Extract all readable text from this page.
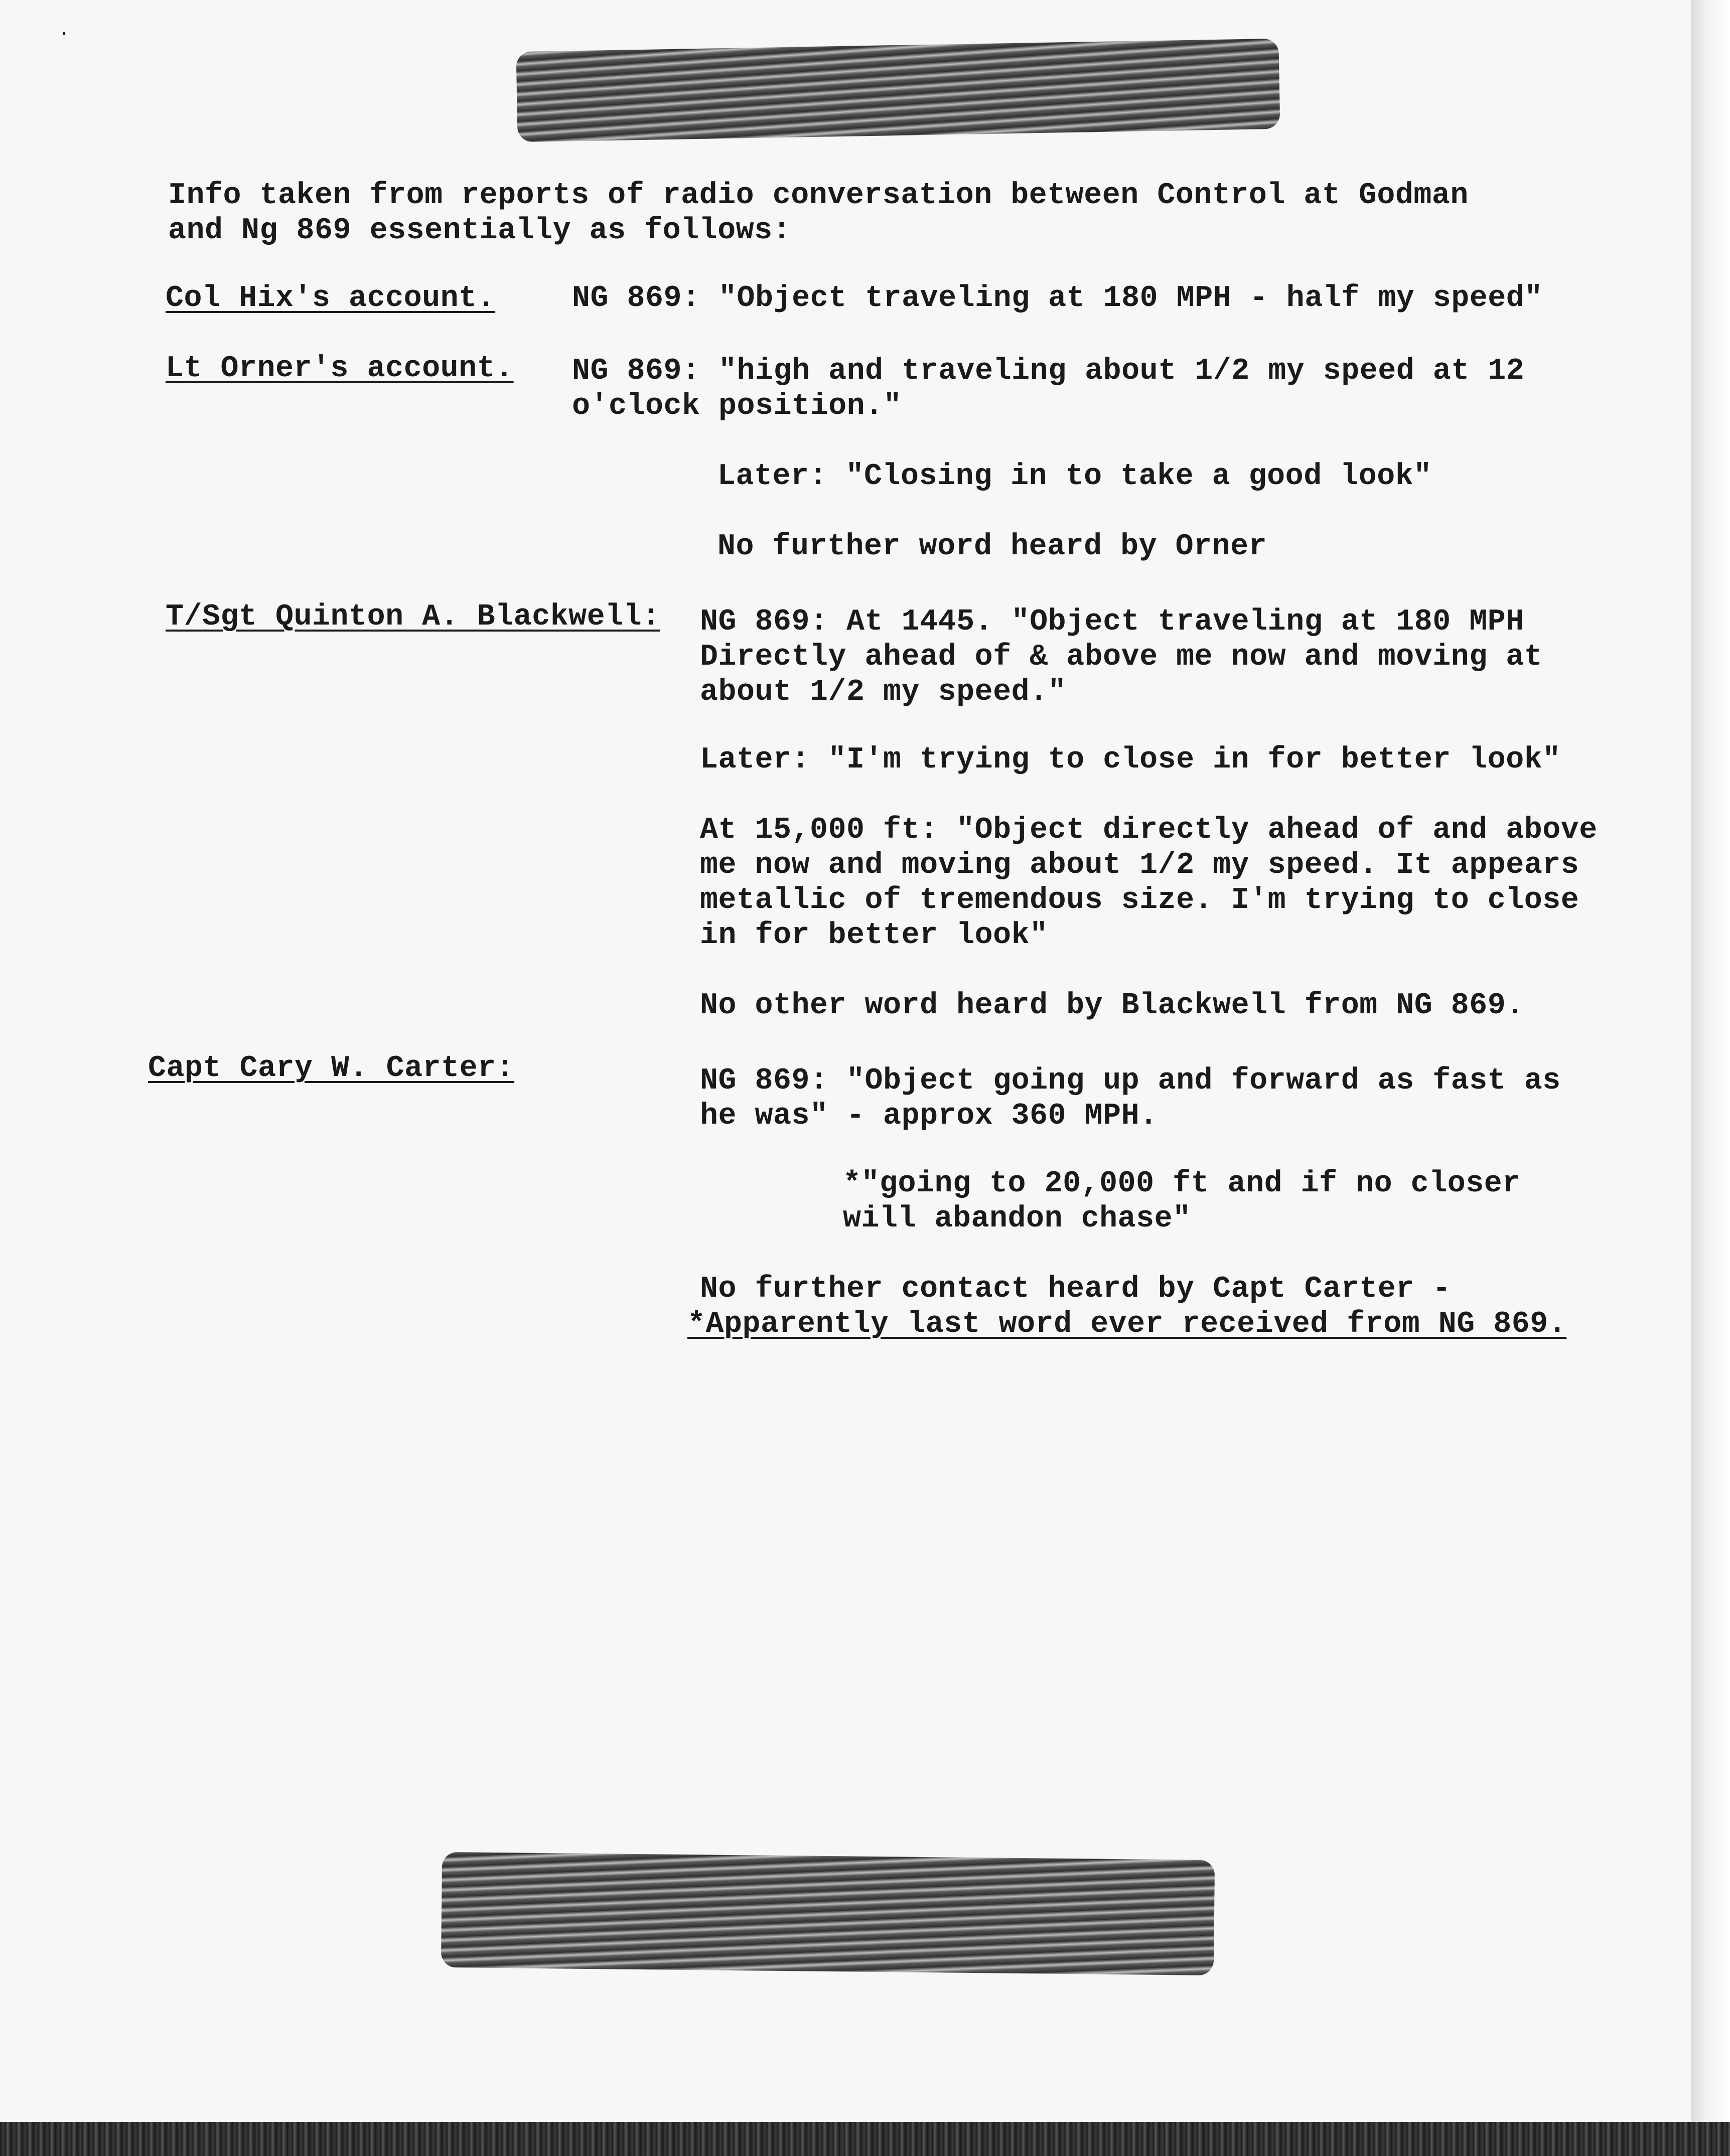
·
Info taken from reports of radio conversation between Control at Godman and Ng 869 essentially as follows:
Col Hix's account.	NG 869: "Object traveling at 180 MPH - half my speed"
Lt Orner's account. NG 869: "high and traveling about 1/2 my speed at 12 o'clock position."
Later: "Closing in to take a good look"
No further word heard by Orner
T/Sgt Quinton A. Blackwell: NG 869: At 1445. "Object traveling at 180 MPH Directly ahead of & above me now and moving at about 1/2 my speed."
Later: "I'm trying to close in for better look"
At 15,000 ft: "Object directly ahead of and above me now and moving about 1/2 my speed. It appears metallic of tremendous size. I'm trying to close in for better look"
No other word heard by Blackwell from NG 869.
Capt Cary W. Carter:	NG 869: "Object going up and forward as fast as he was" - approx 360 MPH.
*"going to 20,000 ft and if no closer will abandon chase"
No further contact heard by Capt Carter -
*Apparently last word ever received from NG 869.
